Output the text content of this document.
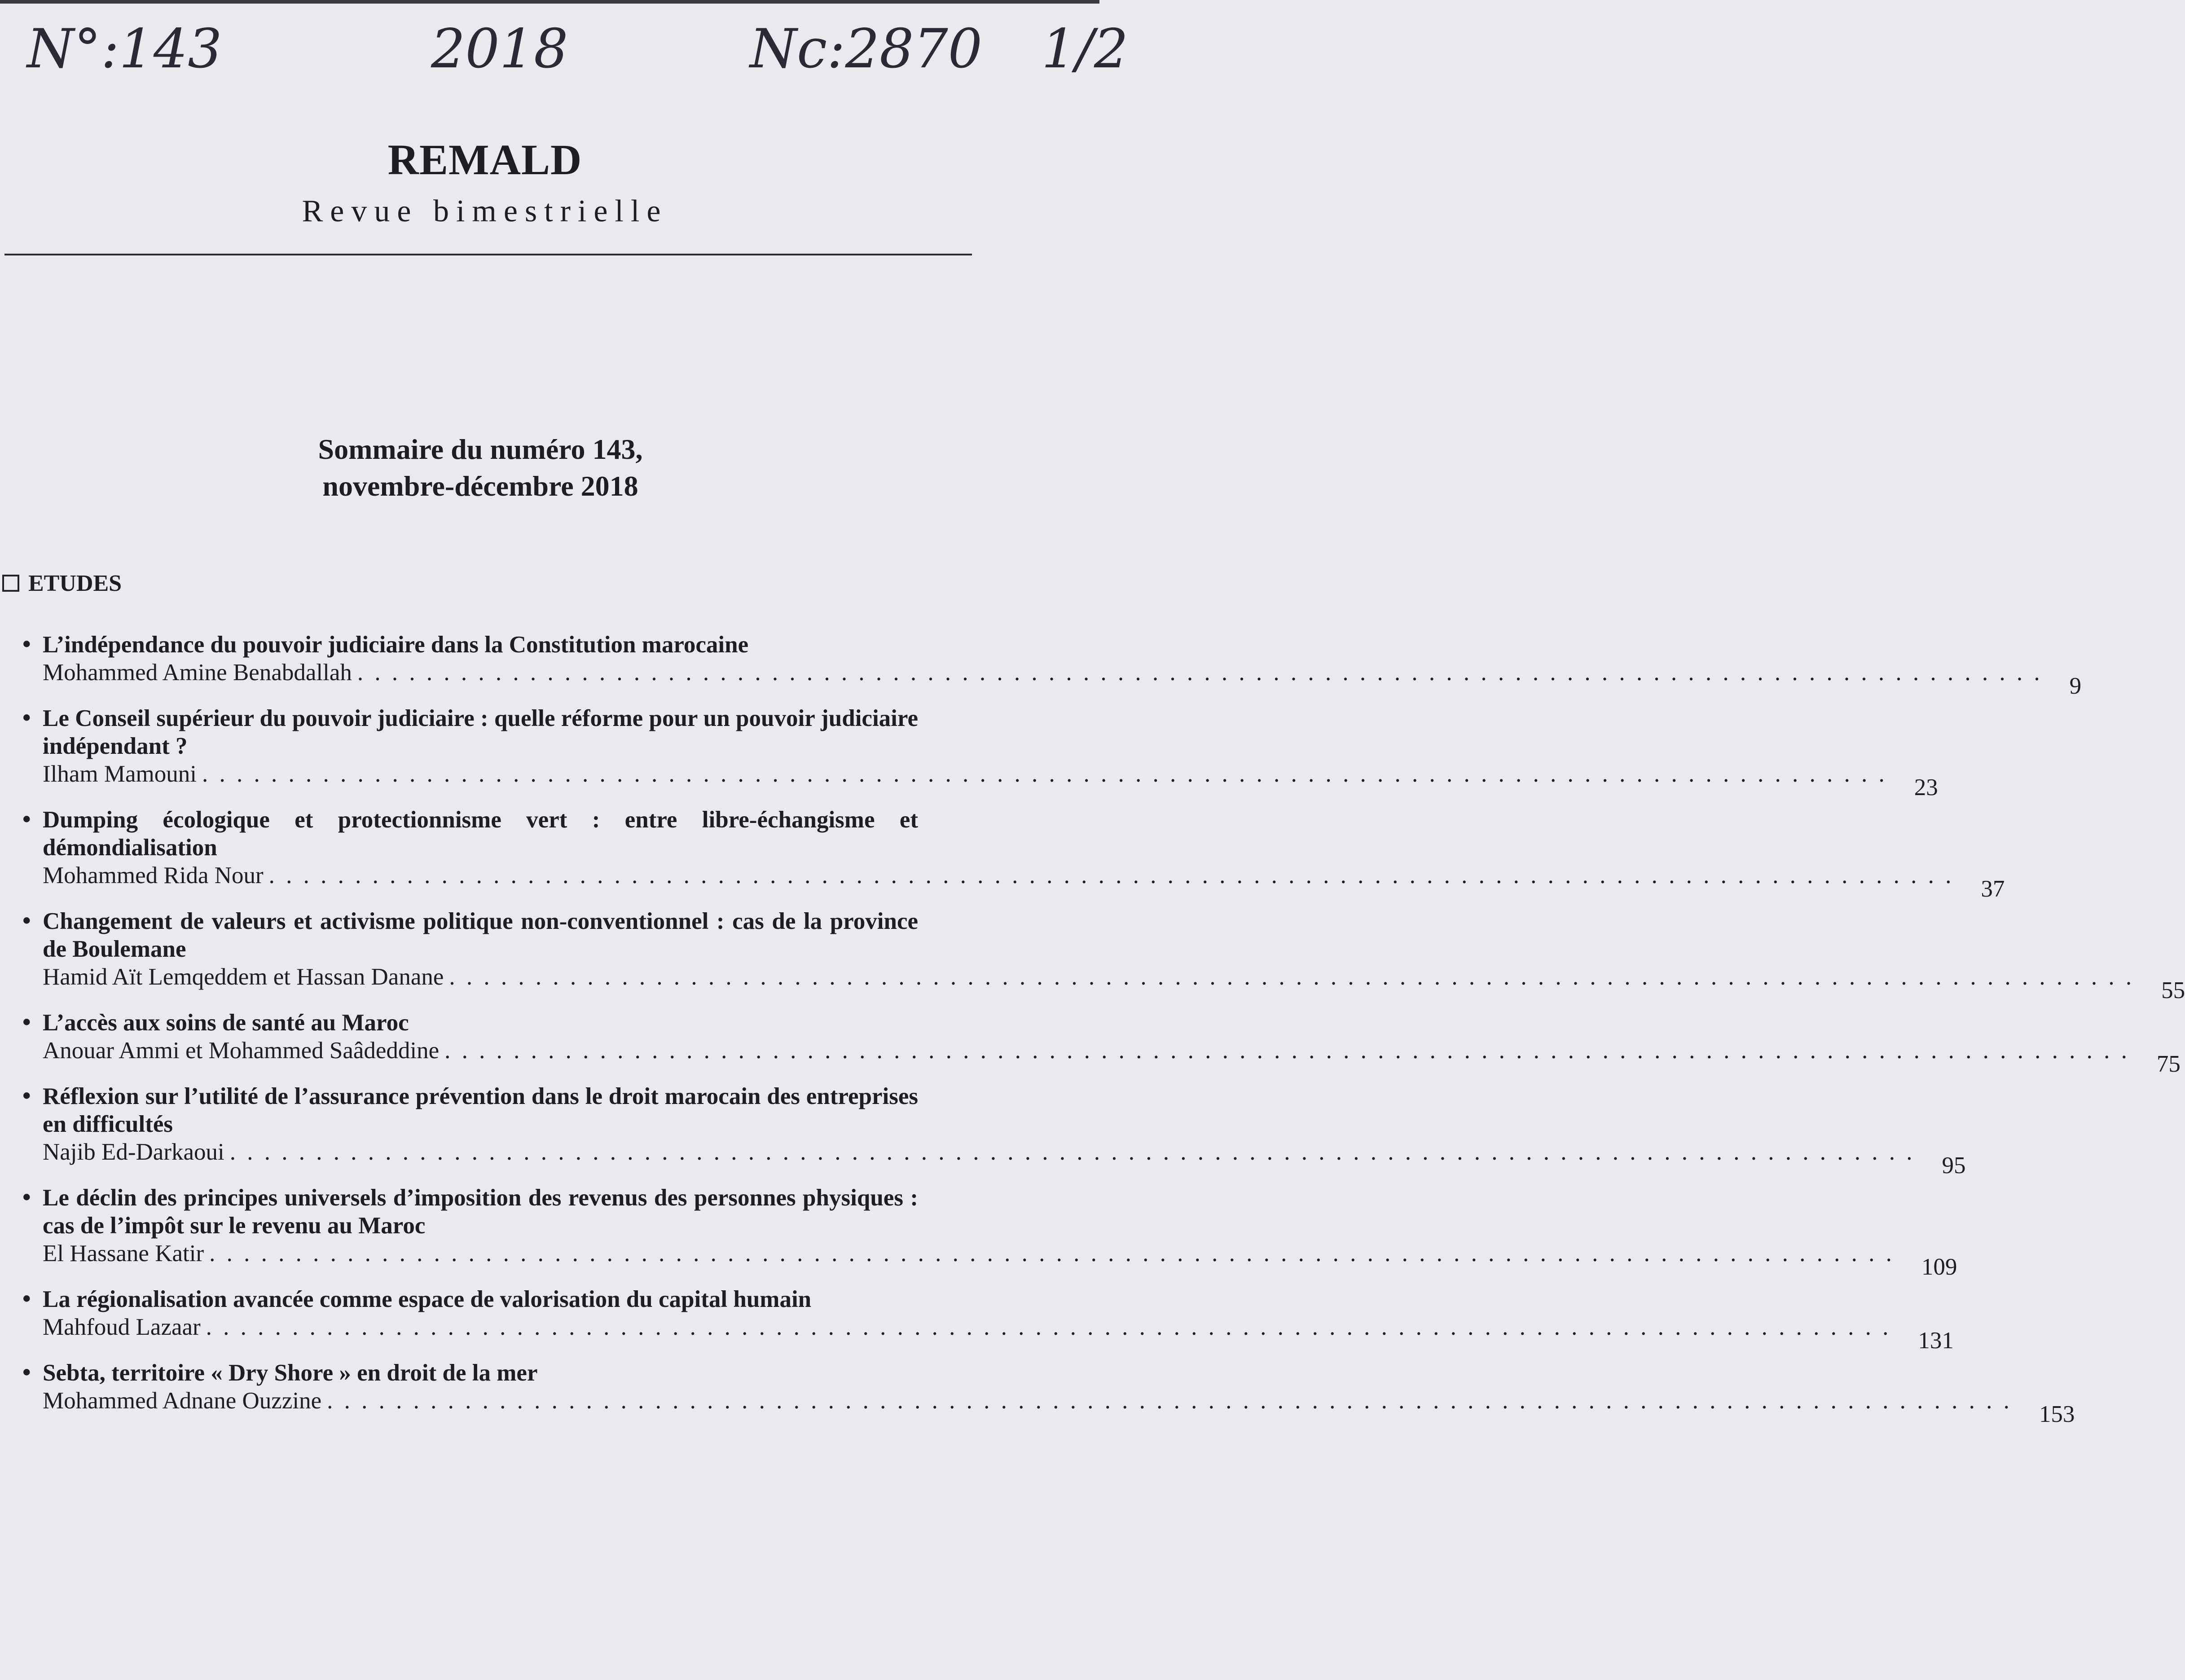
N°:143	2018	Nc:2870 1/2
REMALD
Revue bimestrielle
Sommaire du numéro 143,
novembre-décembre 2018
ETUDES
• L’indépendance du pouvoir judiciaire dans la Constitution marocaine
Mohammed Amine Benabdallah
. . .
9
• Le Conseil supérieur du pouvoir judiciaire : quelle réforme pour un pouvoir judiciaire indépendant ?
Ilham Mamouni
. . .
23
• Dumping écologique et protectionnisme vert : entre libre-échangisme et démondialisation
Mohammed Rida Nour
. . .
37
• Changement de valeurs et activisme politique non-conventionnel : cas de la province de Boulemane
Hamid Aït Lemqeddem et Hassan Danane
. . .
55
• L’accès aux soins de santé au Maroc
Anouar Ammi et Mohammed Saâdeddine
. . .
75
• Réflexion sur l’utilité de l’assurance prévention dans le droit marocain des entreprises en difficultés
Najib Ed-Darkaoui
. . .
95
• Le déclin des principes universels d’imposition des revenus des personnes physiques : cas de l’impôt sur le revenu au Maroc
El Hassane Katir
. . .
109
• La régionalisation avancée comme espace de valorisation du capital humain
Mahfoud Lazaar
. . .
131
• Sebta, territoire « Dry Shore » en droit de la mer
Mohammed Adnane Ouzzine
. . .
153
